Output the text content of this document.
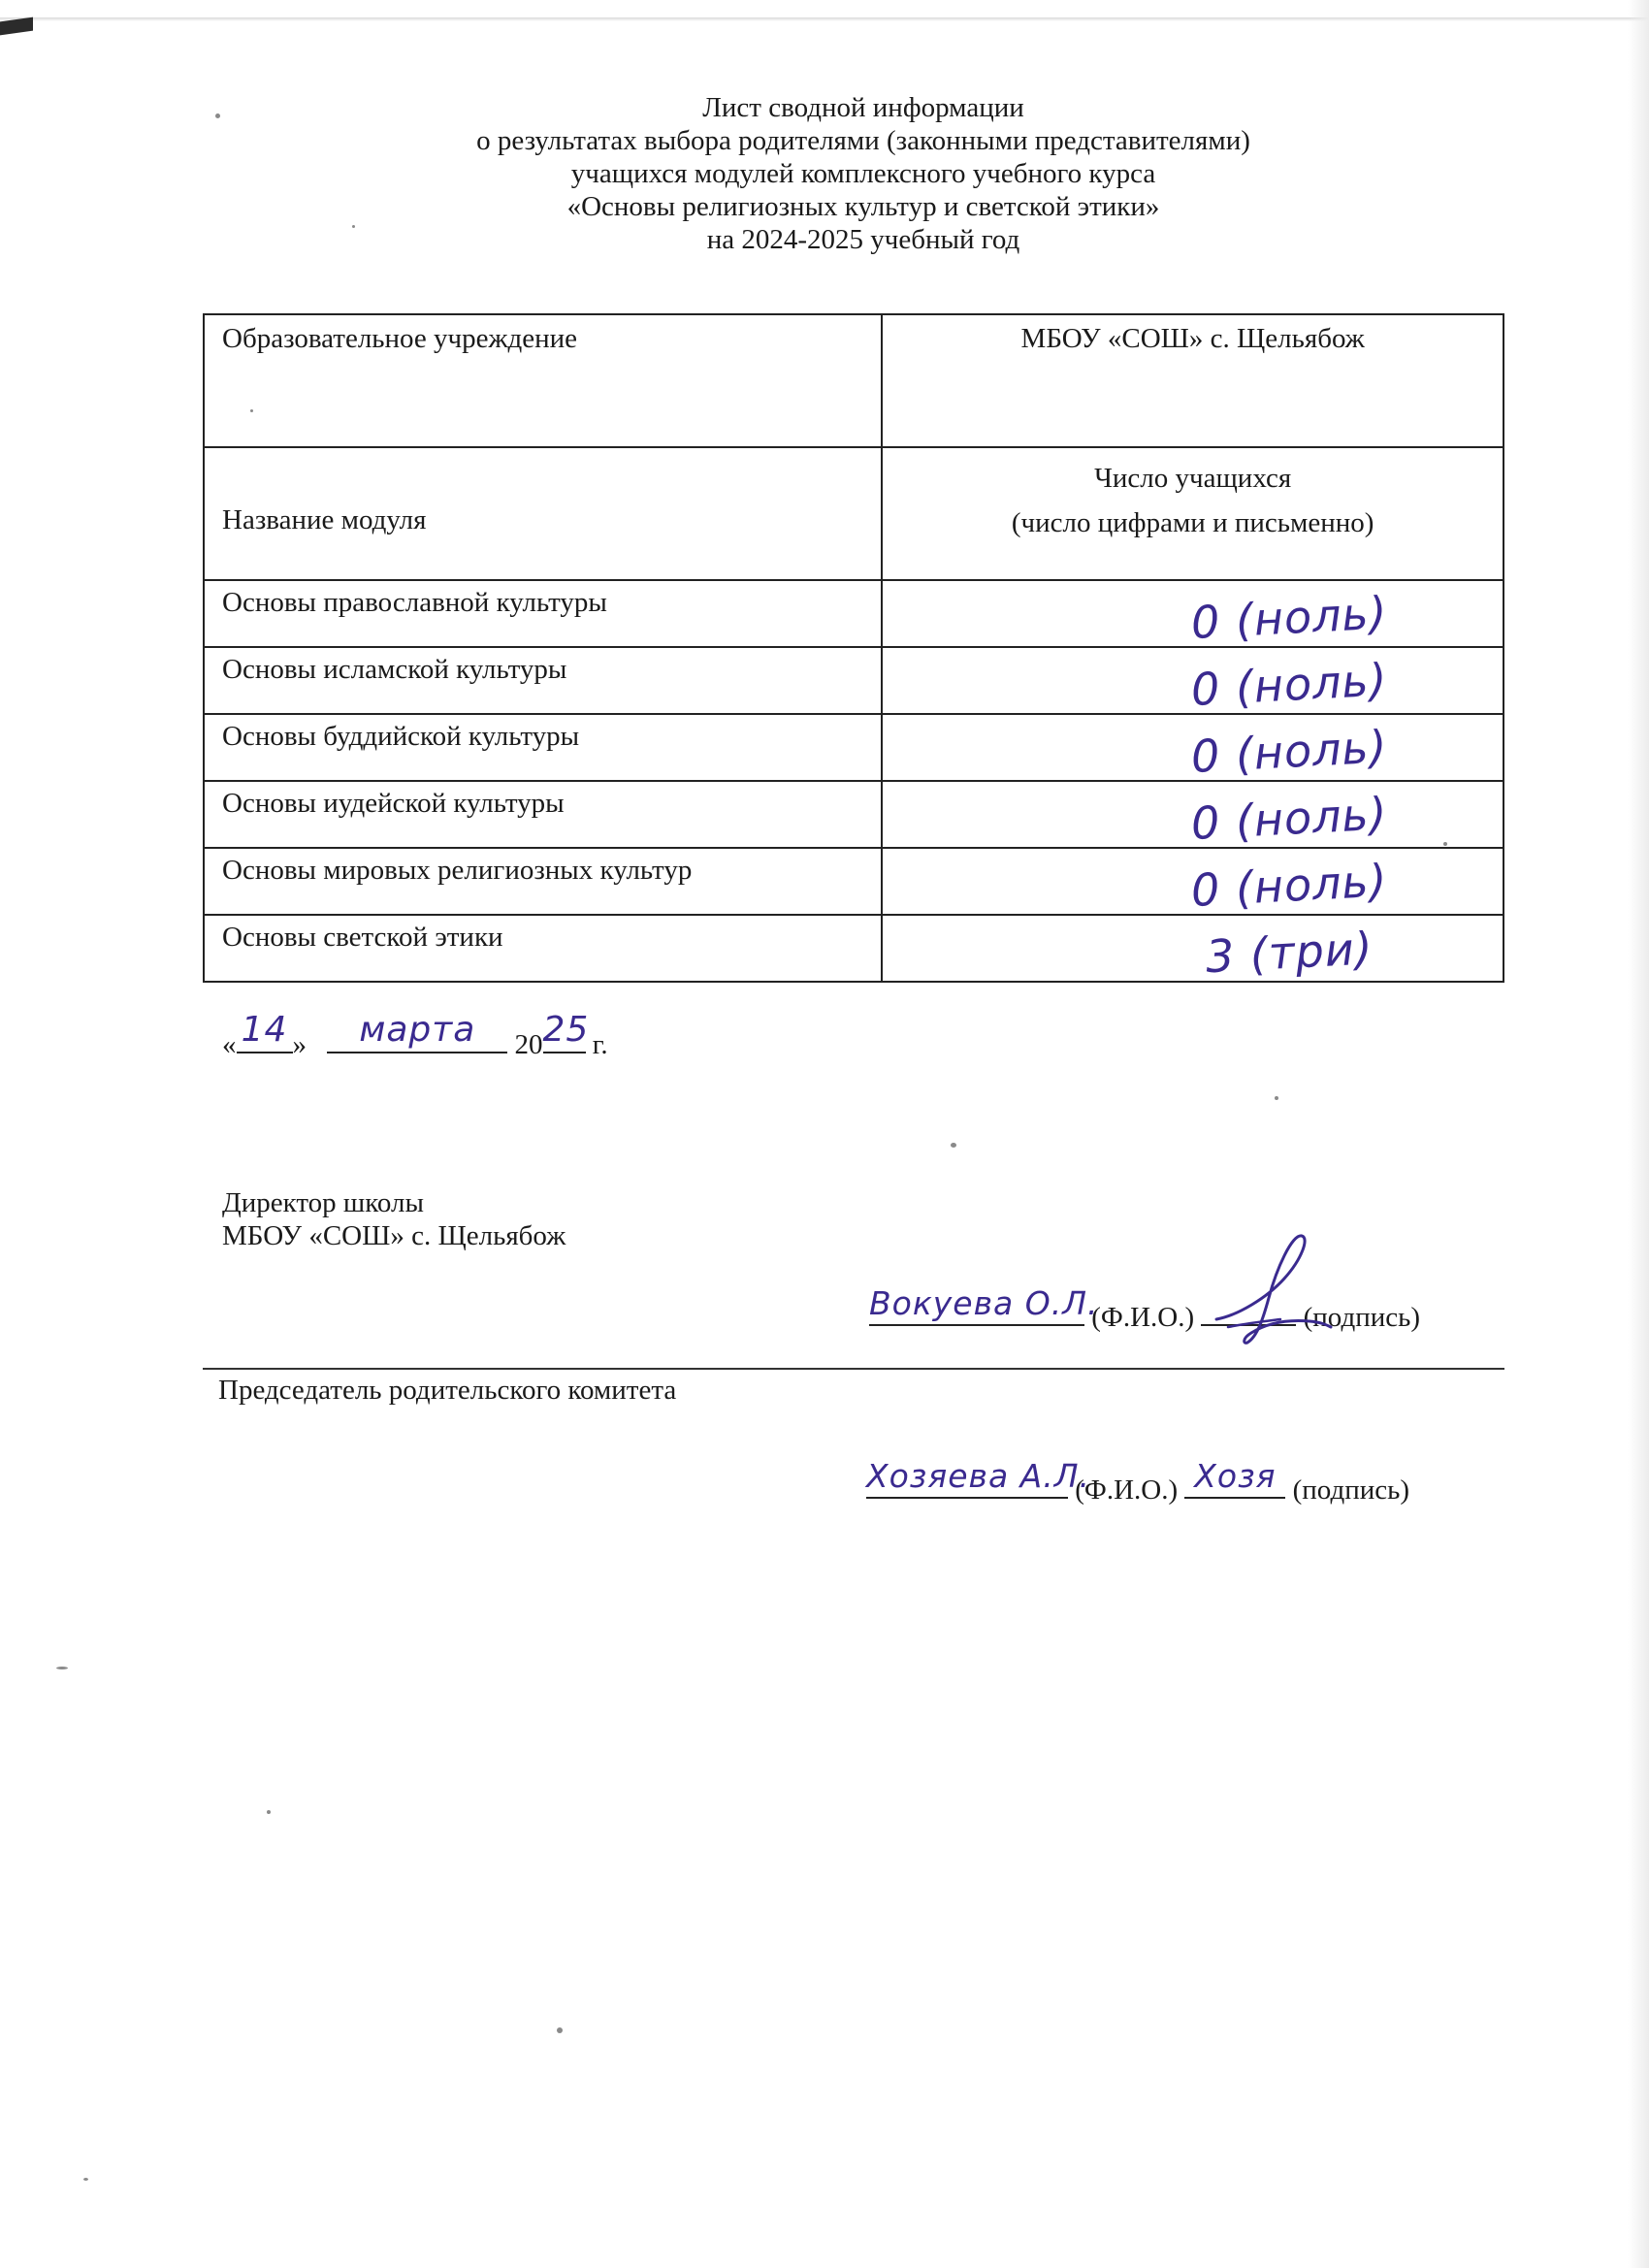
Лист сводной информации
о результатах выбора родителями (законными представителями)
учащихся модулей комплексного учебного курса
«Основы религиозных культур и светской этики»
на 2024-2025 учебный год
Образовательное учреждение	МБОУ «СОШ» с. Щельябож

Название модуля	Число учащихся
(число цифрами и письменно)

Основы православной культуры	0 (ноль)

Основы исламской культуры	0 (ноль)

Основы буддийской культуры	0 (ноль)

Основы иудейской культуры	0 (ноль)

Основы мировых религиозных культур	0 (ноль)

Основы светской этики	3 (три)
« 14 »	марта	20 25 г.
Директор школы
МБОУ «СОШ» с. Щельябож
Вокуева О.Л.
(Ф.И.О.)	(подпись)
Председатель родительского комитета
Хозяева А.Л.
(Ф.И.О.) Хозя (подпись)
